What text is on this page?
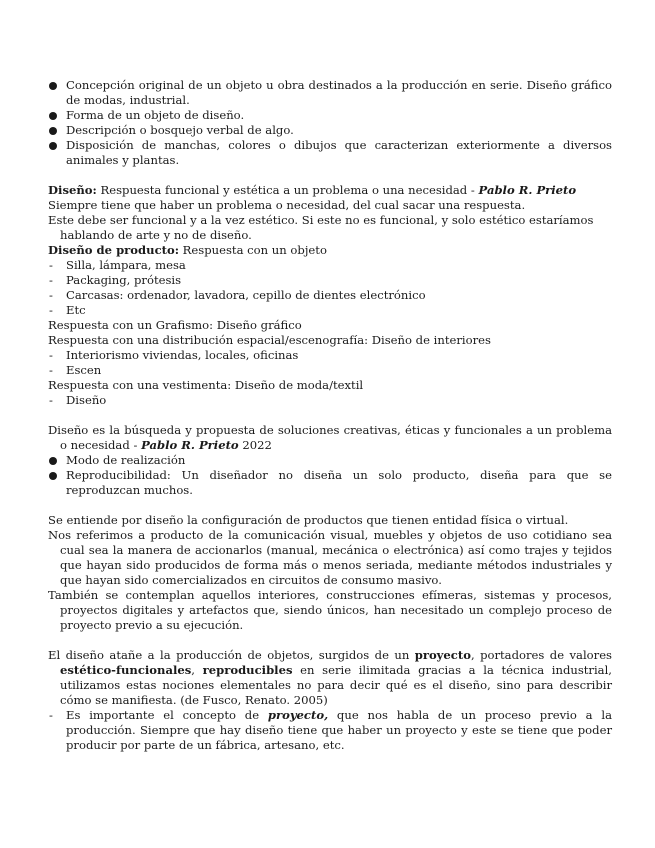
Concepción original de un objeto u obra destinados a la producción en serie. Diseño gráfico de modas, industrial.
Forma de un objeto de diseño.
Descripción o bosquejo verbal de algo.
Disposición de manchas, colores o dibujos que caracterizan exteriormente a diversos animales y plantas.
Diseño: Respuesta funcional y estética a un problema o una necesidad - Pablo R. Prieto
Siempre tiene que haber un problema o necesidad, del cual sacar una respuesta.
Este debe ser funcional y a la vez estético. Si este no es funcional, y solo estético estaríamos hablando de arte y no de diseño.
Diseño de producto: Respuesta con un objeto
- Silla, lámpara, mesa
- Packaging, prótesis
- Carcasas: ordenador, lavadora, cepillo de dientes electrónico
- Etc
Respuesta con un Grafismo: Diseño gráfico
Respuesta con una distribución espacial/escenografía: Diseño de interiores
- Interiorismo viviendas, locales, oficinas
- Escen
Respuesta con una vestimenta: Diseño de moda/textil
- Diseño
Diseño es la búsqueda y propuesta de soluciones creativas, éticas y funcionales a un problema o necesidad - Pablo R. Prieto 2022
Modo de realización
Reproducibilidad: Un diseñador no diseña un solo producto, diseña para que se reproduzcan muchos.
Se entiende por diseño la configuración de productos que tienen entidad física o virtual.
Nos referimos a producto de la comunicación visual, muebles y objetos de uso cotidiano sea cual sea la manera de accionarlos (manual, mecánica o electrónica) así como trajes y tejidos que hayan sido producidos de forma más o menos seriada, mediante métodos industriales y que hayan sido comercializados en circuitos de consumo masivo.
También se contemplan aquellos interiores, construcciones efímeras, sistemas y procesos, proyectos digitales y artefactos que, siendo únicos, han necesitado un complejo proceso de proyecto previo a su ejecución.
El diseño atañe a la producción de objetos, surgidos de un proyecto, portadores de valores estético-funcionales, reproducibles en serie ilimitada gracias a la técnica industrial, utilizamos estas nociones elementales no para decir qué es el diseño, sino para describir cómo se manifiesta. (de Fusco, Renato. 2005)
- Es importante el concepto de proyecto, que nos habla de un proceso previo a la producción. Siempre que hay diseño tiene que haber un proyecto y este se tiene que poder producir por parte de un fábrica, artesano, etc.
